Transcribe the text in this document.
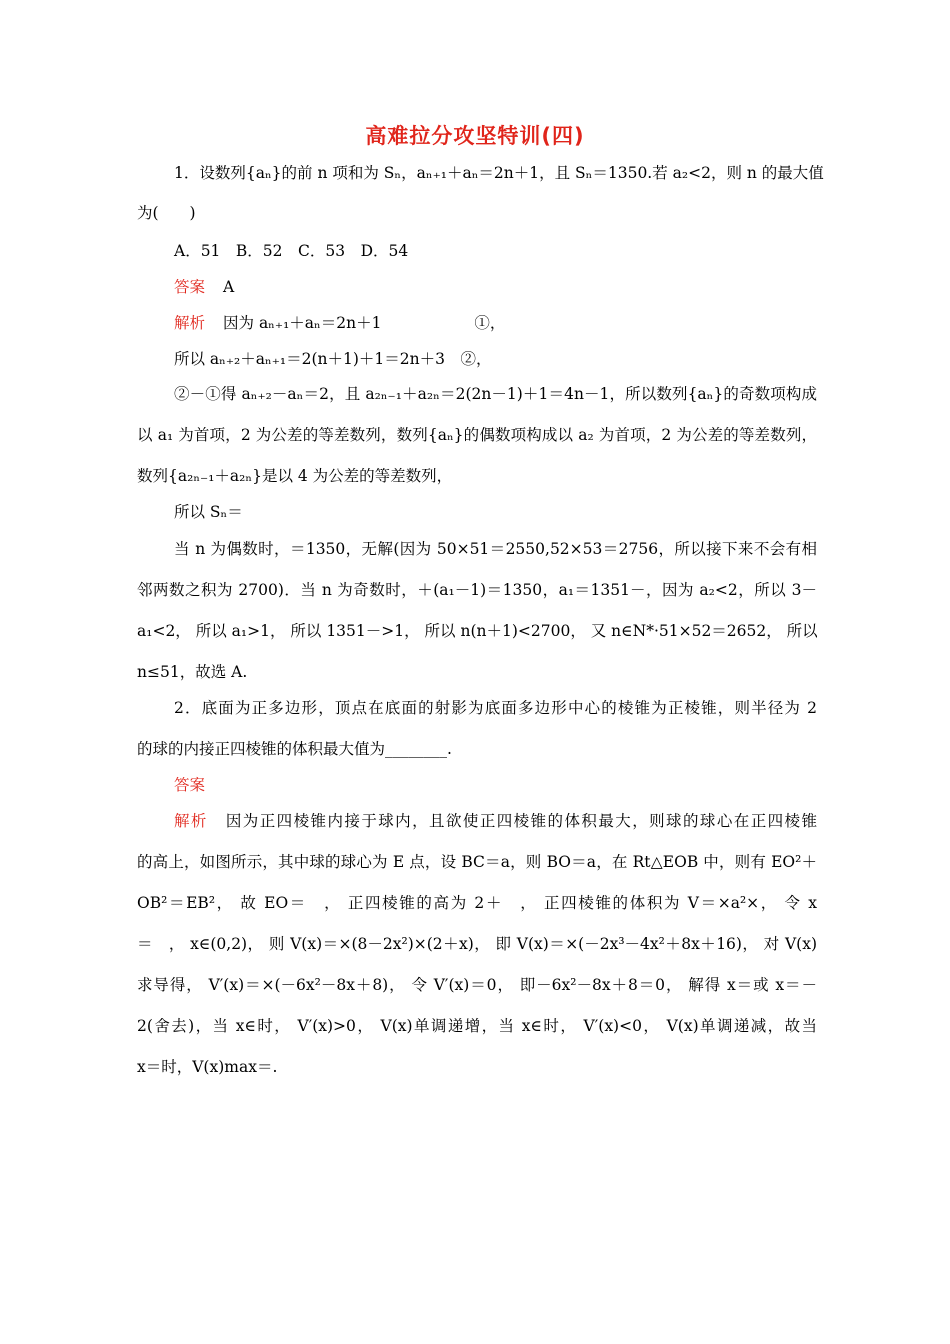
高难拉分攻坚特训(四)
1．设数列{aₙ}的前 n 项和为 Sₙ，aₙ₊₁＋aₙ＝2n＋1，且 Sₙ＝1350.若 a₂<2，则 n 的最大值
为(　　)
A．51　B．52　C．53　D．54
答案 A
解析 因为 aₙ₊₁＋aₙ＝2n＋1　　　　　　①，
所以 aₙ₊₂＋aₙ₊₁＝2(n＋1)＋1＝2n＋3　②，
②－①得 aₙ₊₂－aₙ＝2，且 a₂ₙ₋₁＋a₂ₙ＝2(2n－1)＋1＝4n－1，所以数列{aₙ}的奇数项构成
以 a₁ 为首项，2 为公差的等差数列，数列{aₙ}的偶数项构成以 a₂ 为首项，2 为公差的等差数列，
数列{a₂ₙ₋₁＋a₂ₙ}是以 4 为公差的等差数列，
所以 Sₙ＝
当 n 为偶数时，＝1350，无解(因为 50×51＝2550,52×53＝2756，所以接下来不会有相
邻两数之积为 2700)．当 n 为奇数时，＋(a₁－1)＝1350，a₁＝1351－，因为 a₂<2，所以 3－
a₁<2， 所以 a₁>1， 所以 1351－>1， 所以 n(n＋1)<2700， 又 n∈N*·51×52＝2652， 所以
n≤51，故选 A.
2．底面为正多边形，顶点在底面的射影为底面多边形中心的棱锥为正棱锥，则半径为 2
的球的内接正四棱锥的体积最大值为________.
答案
解析 因为正四棱锥内接于球内，且欲使正四棱锥的体积最大，则球的球心在正四棱锥
的高上，如图所示，其中球的球心为 E 点，设 BC＝a，则 BO＝a，在 Rt△EOB 中，则有 EO²＋
OB²＝EB²， 故 EO＝　， 正四棱锥的高为 2＋　， 正四棱锥的体积为 V＝×a²×， 令 x
＝　， x∈(0,2)， 则 V(x)＝×(8－2x²)×(2＋x)， 即 V(x)＝×(－2x³－4x²＋8x＋16)， 对 V(x)
求导得， V′(x)＝×(－6x²－8x＋8)， 令 V′(x)＝0， 即－6x²－8x＋8＝0， 解得 x＝或 x＝－
2(舍去)，当 x∈时， V′(x)>0， V(x)单调递增，当 x∈时， V′(x)<0， V(x)单调递减，故当
x＝时，V(x)max＝.
